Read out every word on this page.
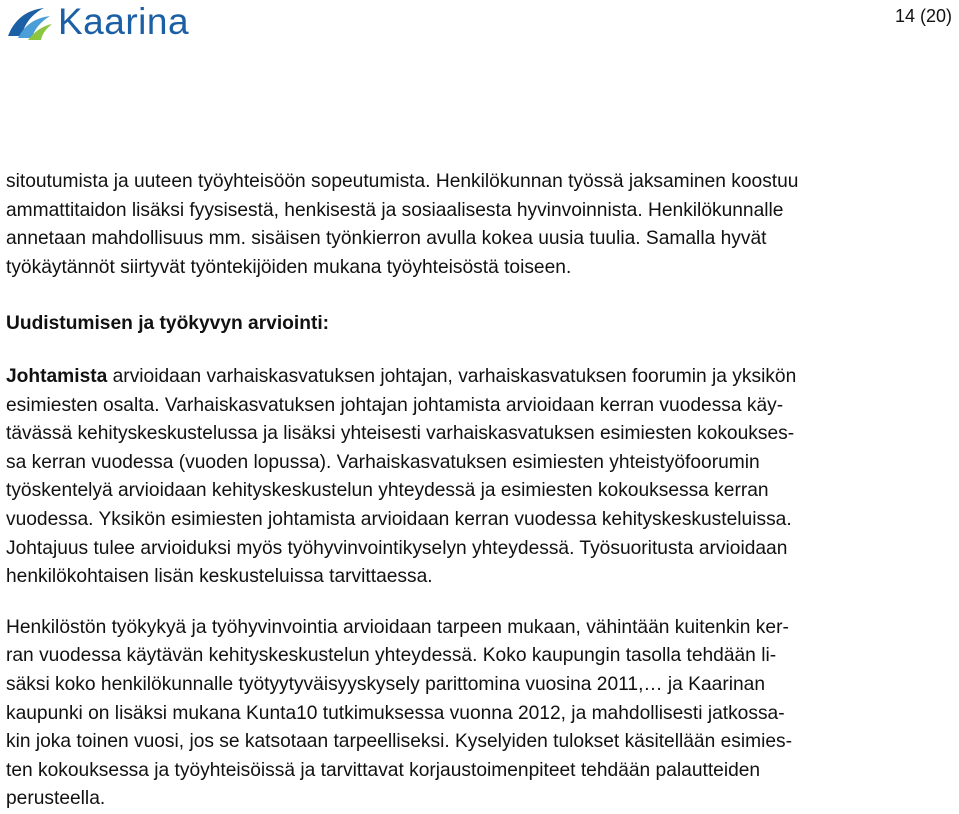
Kaarina	14 (20)

sitoutumista ja uuteen työyhteisöön sopeutumista. Henkilökunnan työssä jaksaminen koostuu

ammattitaidon lisäksi fyysisestä, henkisestä ja sosiaalisesta hyvinvoinnista. Henkilökunnalle

annetaan mahdollisuus mm. sisäisen työnkierron avulla kokea uusia tuulia. Samalla hyvät

työkäytännöt siirtyvät työntekijöiden mukana työyhteisöstä toiseen.

Uudistumisen ja työkyvyn arviointi:

Johtamista arvioidaan varhaiskasvatuksen johtajan, varhaiskasvatuksen foorumin ja yksikön

esimiesten osalta. Varhaiskasvatuksen johtajan johtamista arvioidaan kerran vuodessa käy-

tävässä kehityskeskustelussa ja lisäksi yhteisesti varhaiskasvatuksen esimiesten kokoukses-

sa kerran vuodessa (vuoden lopussa). Varhaiskasvatuksen esimiesten yhteistyöfoorumin

työskentelyä arvioidaan kehityskeskustelun yhteydessä ja esimiesten kokouksessa kerran

vuodessa. Yksikön esimiesten johtamista arvioidaan kerran vuodessa kehityskeskusteluissa.

Johtajuus tulee arvioiduksi myös työhyvinvointikyselyn yhteydessä. Työsuoritusta arvioidaan

henkilökohtaisen lisän keskusteluissa tarvittaessa.

Henkilöstön työkykyä ja työhyvinvointia arvioidaan tarpeen mukaan, vähintään kuitenkin ker-

ran vuodessa käytävän kehityskeskustelun yhteydessä. Koko kaupungin tasolla tehdään li-

säksi koko henkilökunnalle työtyytyväisyyskysely parittomina vuosina 2011,… ja Kaarinan

kaupunki on lisäksi mukana Kunta10 tutkimuksessa vuonna 2012, ja mahdollisesti jatkossa-

kin joka toinen vuosi, jos se katsotaan tarpeelliseksi. Kyselyiden tulokset käsitellään esimies-

ten kokouksessa ja työyhteisöissä ja tarvittavat korjaustoimenpiteet tehdään palautteiden

perusteella.
